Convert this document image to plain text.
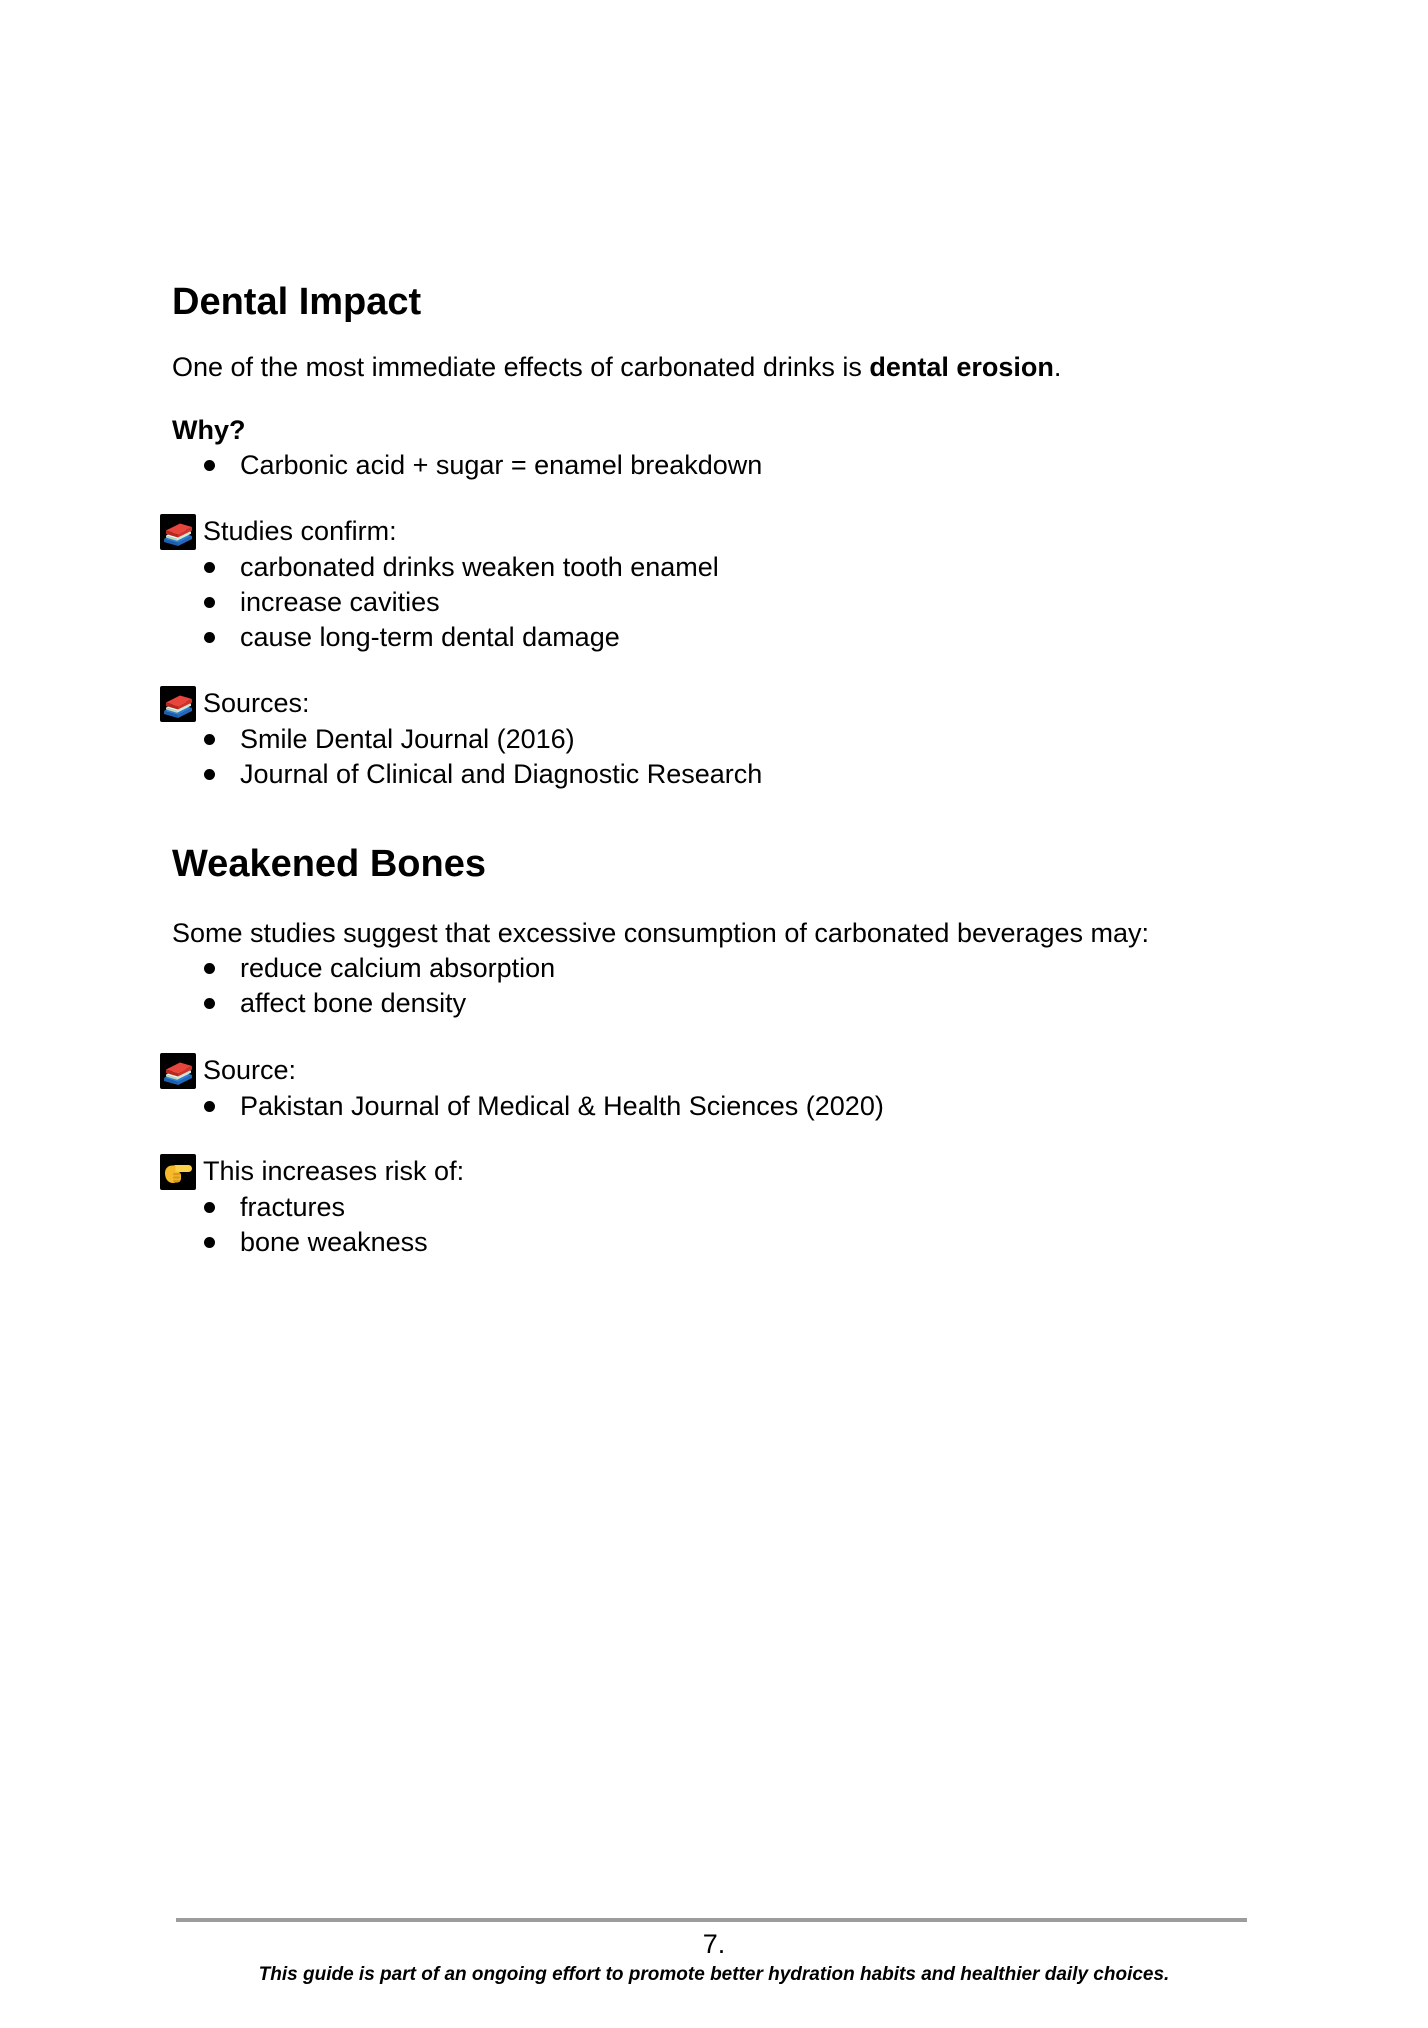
Dental Impact

One of the most immediate effects of carbonated drinks is dental erosion.

Why?

Carbonic acid + sugar = enamel breakdown
Studies confirm:
carbonated drinks weaken tooth enamel
increase cavities
cause long-term dental damage
Sources:
Smile Dental Journal (2016)
Journal of Clinical and Diagnostic Research
Weakened Bones

Some studies suggest that excessive consumption of carbonated beverages may:

reduce calcium absorption
affect bone density
Source:
Pakistan Journal of Medical & Health Sciences (2020)
This increases risk of:
fractures
bone weakness
7.
This guide is part of an ongoing effort to promote better hydration habits and healthier daily choices.
